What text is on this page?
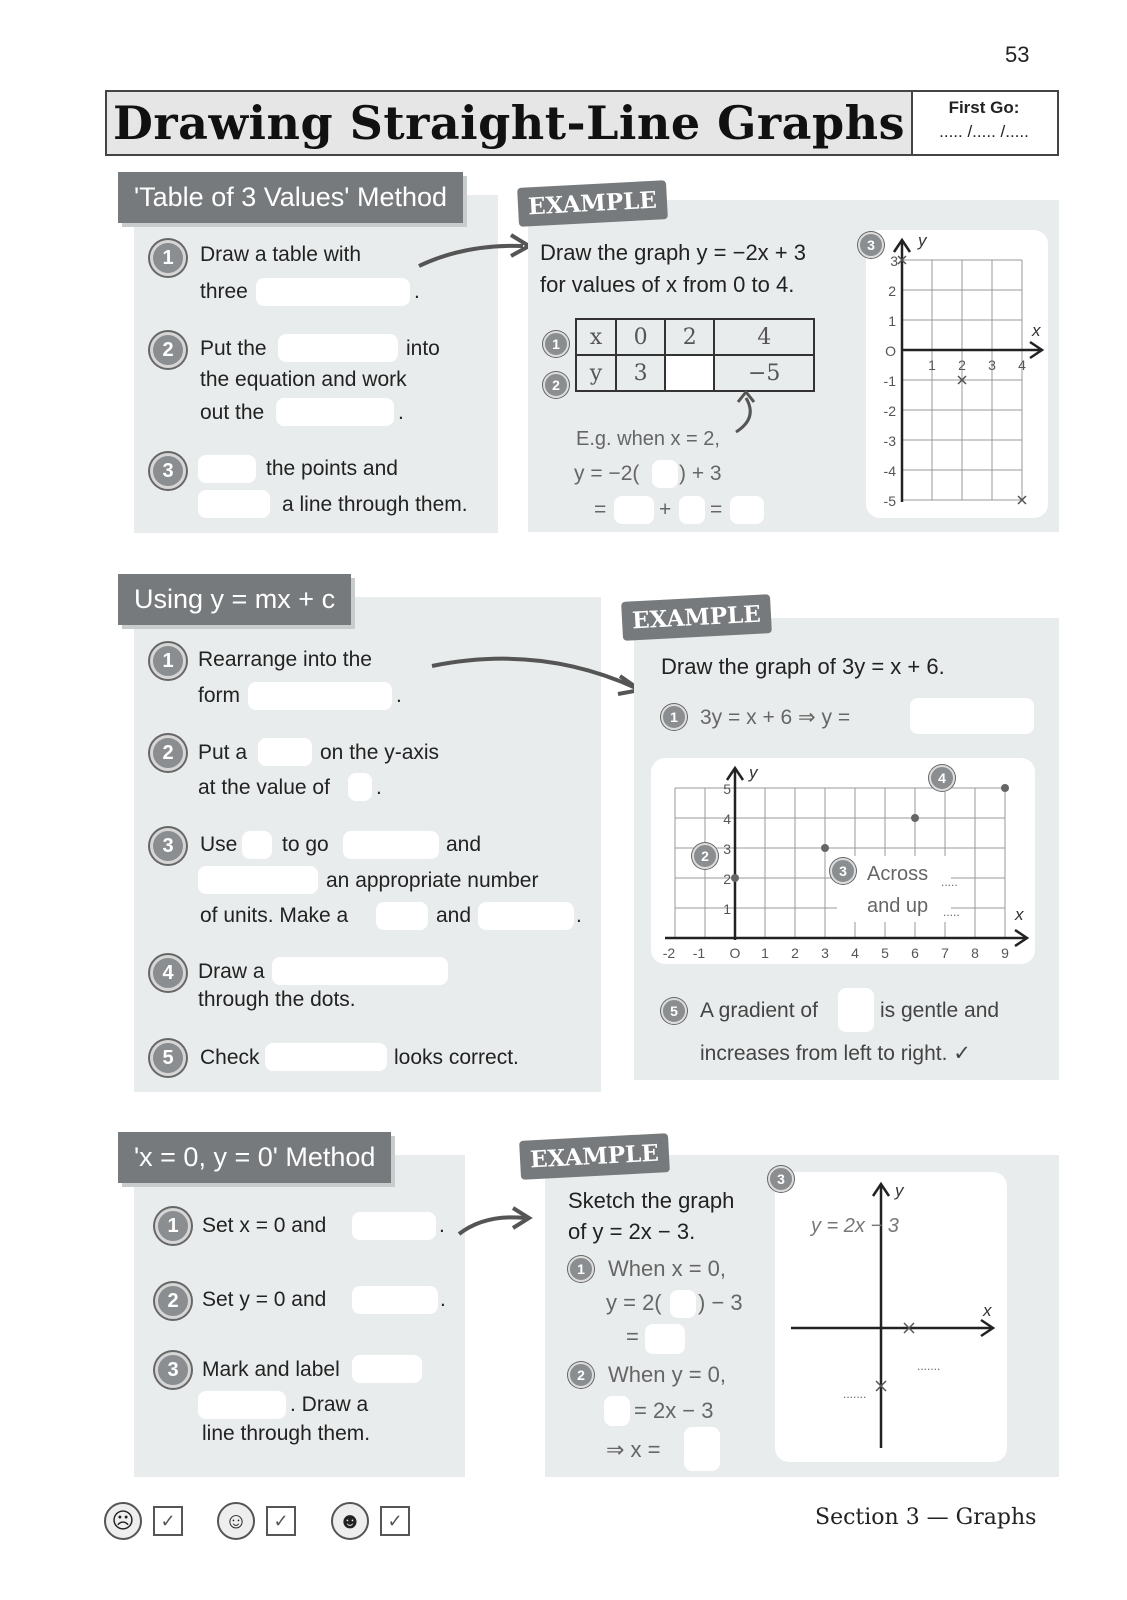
53
Drawing Straight-Line Graphs	First Go:
..... /..... /.....
'Table of 3 Values' Method
1	Draw a table with
three	.
2	Put the	into
the equation and work
out the	.
3	the points and
a line through them.
EXAMPLE
Draw the graph y = −2x + 3
for values of x from 0 to 4.
1
2
x	0	2	4
y	3		−5
E.g. when x = 2,
y = −2( ) + 3
=	+ =
3
3
2
1
O
-1
-2
-3
-4
-5
1 2 3 4
y
x
Using y = mx + c
1	Rearrange into the
form	.
2	Put a	on the y-axis
at the value of .
3	Use to go	and
an appropriate number
of units. Make a	and	.
4	Draw a
through the dots.
5	Check	looks correct.
EXAMPLE
Draw the graph of 3y = x + 6.
1	3y = x + 6 ⇒ y =
-2 -1 O 1 2 3 4 5 6 7 8 9
5
4
3
2
1
y
x
Across .....
and up .....
2
3
4
5	A gradient of	is gentle and
increases from left to right. ✓
'x = 0, y = 0' Method
1	Set x = 0 and	.
2	Set y = 0 and	.
3	Mark and label
. Draw a
line through them.
EXAMPLE
Sketch the graph
of y = 2x − 3.
1	When x = 0,
y = 2( ) − 3
=
2	When y = 0,
= 2x − 3
⇒ x =
3
y
x
y = 2x − 3
.......
.......
☹	✓	☺	✓	☻	✓	Section 3 — Graphs
